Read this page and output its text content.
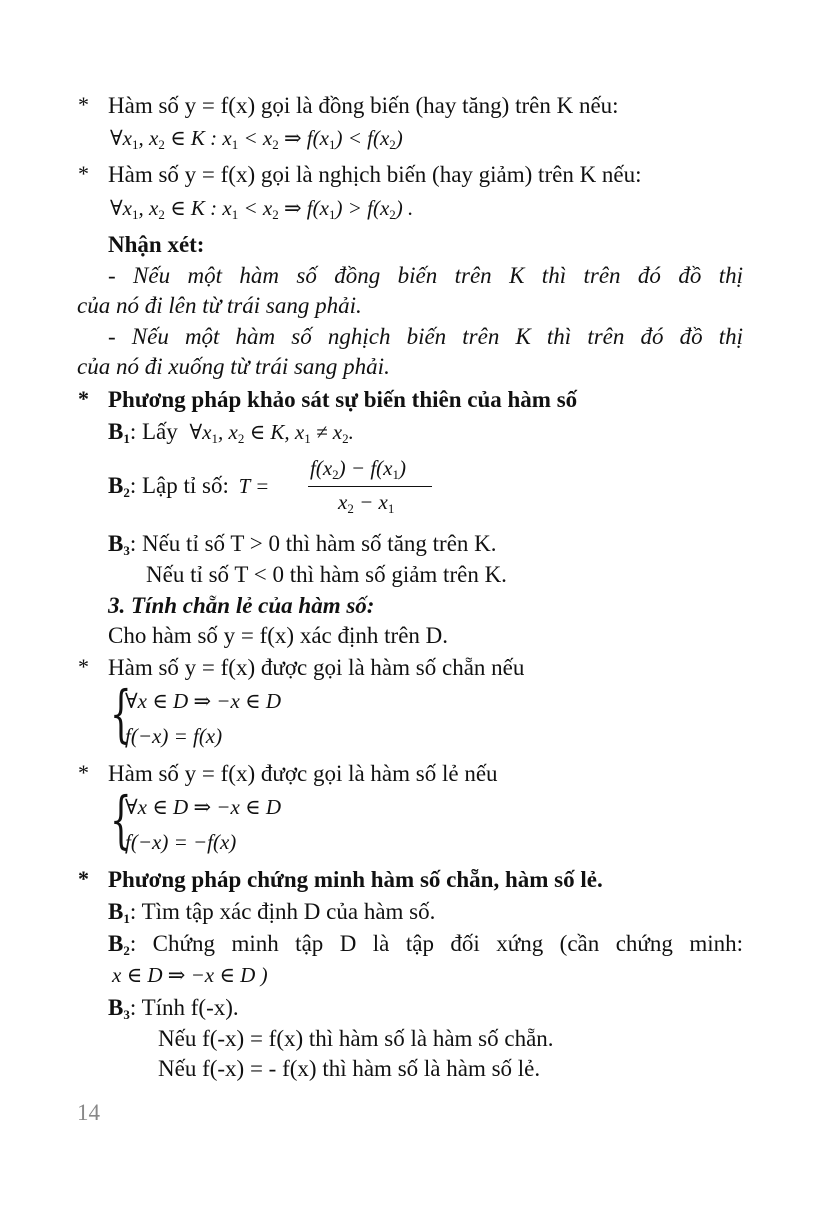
* Hàm số y = f(x) gọi là đồng biến (hay tăng) trên K nếu:
$\forall x_1$, $x_2$ ∈ K : $x_1 < x_2$ ⇒ $f(x_1) < f(x_2)$
* Hàm số y = f(x) gọi là nghịch biến (hay giảm) trên K nếu:
$\forall x_1$, $x_2$ ∈ K : $x_1 < x_2$ ⇒ $f(x_1) > f(x_2)$ .
Nhận xét:
- Nếu một hàm số đồng biến trên K thì trên đó đồ thị
của nó đi lên từ trái sang phải.
- Nếu một hàm số nghịch biến trên K thì trên đó đồ thị
của nó đi xuống từ trái sang phải.
* Phương pháp khảo sát sự biến thiên của hàm số
$B_1$: Lấy $\forall x_1$, $x_2$ ∈ K, $x_1 \ne x_2$.
$B_2$: Lập tỉ số: T =
$f(x_2) - f(x_1)$
$x_2 - x_1$
$B_3$: Nếu tỉ số T > 0 thì hàm số tăng trên K.
Nếu tỉ số T < 0 thì hàm số giảm trên K.
3. Tính chẵn lẻ của hàm số:
Cho hàm số y = f(x) xác định trên D.
* Hàm số y = f(x) được gọi là hàm số chẵn nếu
{
∀x ∈ D ⇒ −x ∈ D
f(−x) = f(x)
* Hàm số y = f(x) được gọi là hàm số lẻ nếu
{
∀x ∈ D ⇒ −x ∈ D
f(−x) = −f(x)
* Phương pháp chứng minh hàm số chẵn, hàm số lẻ.
$B_1$: Tìm tập xác định D của hàm số.
$B_2$: Chứng minh tập D là tập đối xứng (cần chứng minh:
x ∈ D ⇒ −x ∈ D )
$B_3$: Tính f(-x).
Nếu f(-x) = f(x) thì hàm số là hàm số chẵn.
Nếu f(-x) = - f(x) thì hàm số là hàm số lẻ.
14
